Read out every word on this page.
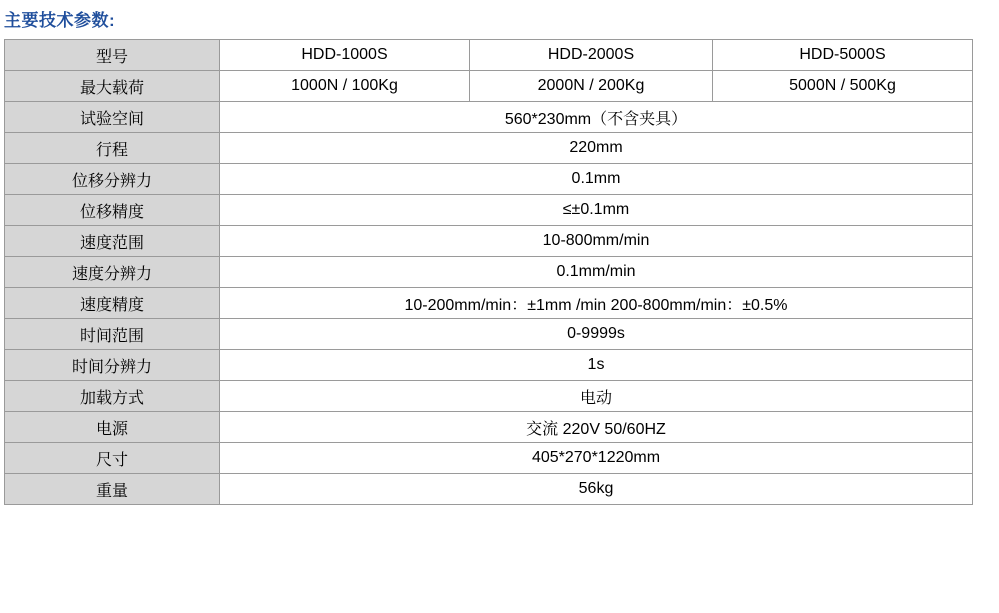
主要技术参数:
型号	HDD-1000S	HDD-2000S	HDD-5000S
最大载荷	1000N / 100Kg	2000N / 200Kg	5000N / 500Kg
试验空间	560*230mm（不含夹具）		
行程	220mm		
位移分辨力	0.1mm		
位移精度	≤±0.1mm		
速度范围	10-800mm/min		
速度分辨力	0.1mm/min		
速度精度	10-200mm/min：±1mm /min 200-800mm/min：±0.5%		
时间范围	0-9999s		
时间分辨力	1s		
加载方式	电动		
电源	交流 220V 50/60HZ		
尺寸	405*270*1220mm		
重量	56kg		
